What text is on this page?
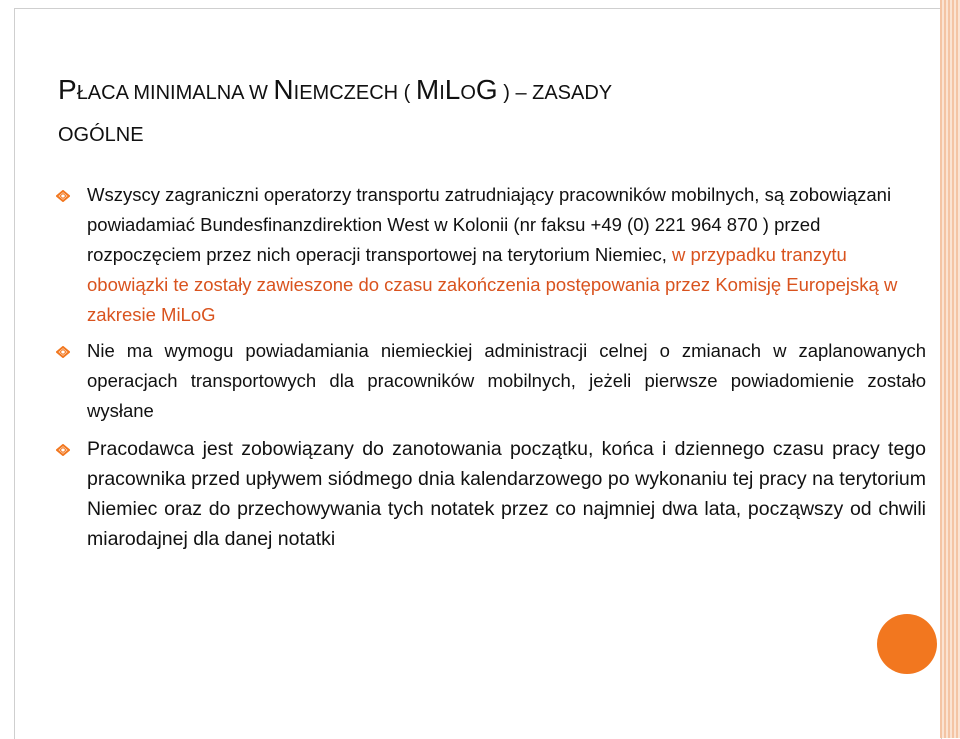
PŁACA MINIMALNA W NIEMCZECH ( MILOG ) – ZASADY
OGÓLNE
Wszyscy zagraniczni operatorzy transportu zatrudniający pracowników mobilnych, są zobowiązani powiadamiać Bundesfinanzdirektion West w Kolonii (nr faksu +49 (0) 221 964 870 ) przed rozpoczęciem przez nich operacji transportowej na terytorium Niemiec, w przypadku tranzytu obowiązki te zostały zawieszone do czasu zakończenia postępowania przez Komisję Europejską w zakresie MiLoG
Nie ma wymogu powiadamiania niemieckiej administracji celnej o zmianach w zaplanowanych operacjach transportowych dla pracowników mobilnych, jeżeli pierwsze powiadomienie zostało wysłane
Pracodawca jest zobowiązany do zanotowania początku, końca i dziennego czasu pracy tego pracownika przed upływem siódmego dnia kalendarzowego po wykonaniu tej pracy na terytorium Niemiec oraz do przechowywania tych notatek przez co najmniej dwa lata, począwszy od chwili miarodajnej dla danej notatki
